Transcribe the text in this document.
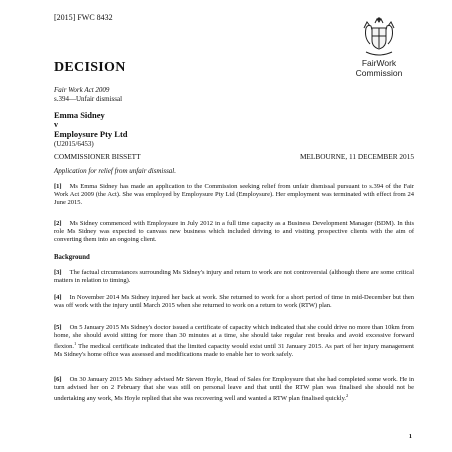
[2015] FWC 8432
FairWork
Commission
DECISION
Fair Work Act 2009
s.394—Unfair dismissal
Emma Sidney
v
Employsure Pty Ltd
(U2015/6453)
COMMISSIONER BISSETT	MELBOURNE, 11 DECEMBER 2015
Application for relief from unfair dismissal.
[1] Ms Emma Sidney has made an application to the Commission seeking relief from unfair dismissal pursuant to s.394 of the Fair Work Act 2009 (the Act). She was employed by Employsure Pty Ltd (Employsure). Her employment was terminated with effect from 24 June 2015.
[2] Ms Sidney commenced with Employsure in July 2012 in a full time capacity as a Business Development Manager (BDM). In this role Ms Sidney was expected to canvass new business which included driving to and visiting prospective clients with the aim of converting them into an ongoing client.
Background
[3] The factual circumstances surrounding Ms Sidney's injury and return to work are not controversial (although there are some critical matters in relation to timing).
[4] In November 2014 Ms Sidney injured her back at work. She returned to work for a short period of time in mid-December but then was off work with the injury until March 2015 when she returned to work on a return to work (RTW) plan.
[5] On 5 January 2015 Ms Sidney's doctor issued a certificate of capacity which indicated that she could drive no more than 10km from home, she should avoid sitting for more than 30 minutes at a time, she should take regular rest breaks and avoid excessive forward flexion.$^1$ The medical certificate indicated that the limited capacity would exist until 31 January 2015. As part of her injury management Ms Sidney's home office was assessed and modifications made to enable her to work safely.
[6] On 30 January 2015 Ms Sidney advised Mr Steven Hoyle, Head of Sales for Employsure that she had completed some work. He in turn advised her on 2 February that she was still on personal leave and that until the RTW plan was finalised she should not be undertaking any work, Ms Hoyle replied that she was recovering well and wanted a RTW plan finalised quickly.$^2$
1
